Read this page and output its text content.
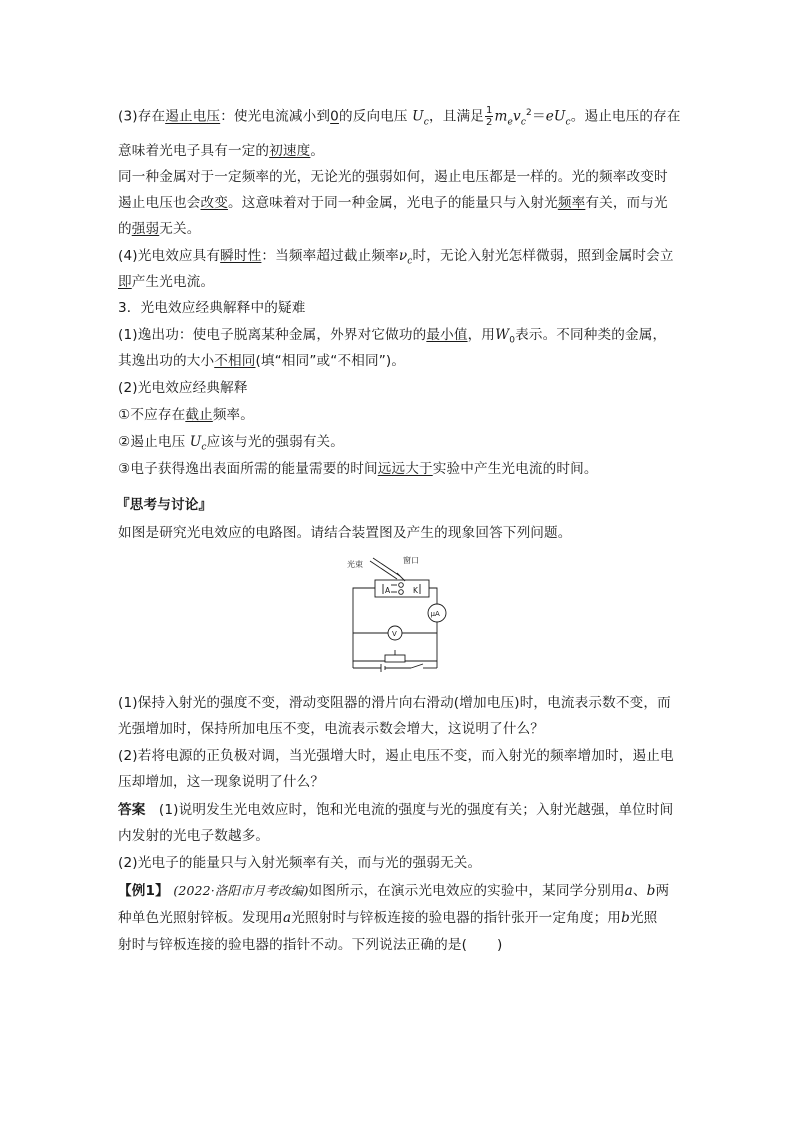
(3)存在遏止电压：使光电流减小到0的反向电压 $U_c$，且满足 $\frac{1}{2} m_ev_c^2=eU_c$。遏止电压的存在
意味着光电子具有一定的初速度。
同一种金属对于一定频率的光，无论光的强弱如何，遏止电压都是一样的。光的频率改变时
遏止电压也会改变。这意味着对于同一种金属，光电子的能量只与入射光频率有关，而与光
的强弱无关。
(4)光电效应具有瞬时性：当频率超过截止频率$\nu_c$时，无论入射光怎样微弱，照到金属时会立
即产生光电流。
3．光电效应经典解释中的疑难
(1)逸出功：使电子脱离某种金属，外界对它做功的最小值，用$W_0$表示。不同种类的金属，
其逸出功的大小不相同(填“相同”或“不相同”)。
(2)光电效应经典解释
①不应存在截止频率。
②遏止电压 $U_c$应该与光的强弱有关。
③电子获得逸出表面所需的能量需要的时间远远大于实验中产生光电流的时间。
『思考与讨论』
如图是研究光电效应的电路图。请结合装置图及产生的现象回答下列问题。
光束	窗口
A	K
μA
V
(1)保持入射光的强度不变，滑动变阻器的滑片向右滑动(增加电压)时，电流表示数不变，而
光强增加时，保持所加电压不变，电流表示数会增大，这说明了什么？
(2)若将电源的正负极对调，当光强增大时，遏止电压不变，而入射光的频率增加时，遏止电
压却增加，这一现象说明了什么？
答案 (1)说明发生光电效应时，饱和光电流的强度与光的强度有关；入射光越强，单位时间
内发射的光电子数越多。
(2)光电子的能量只与入射光频率有关，而与光的强弱无关。
【例1】 (2022·洛阳市月考改编)如图所示，在演示光电效应的实验中，某同学分别用a、b两
种单色光照射锌板。发现用a光照射时与锌板连接的验电器的指针张开一定角度；用b光照
射时与锌板连接的验电器的指针不动。下列说法正确的是( )
